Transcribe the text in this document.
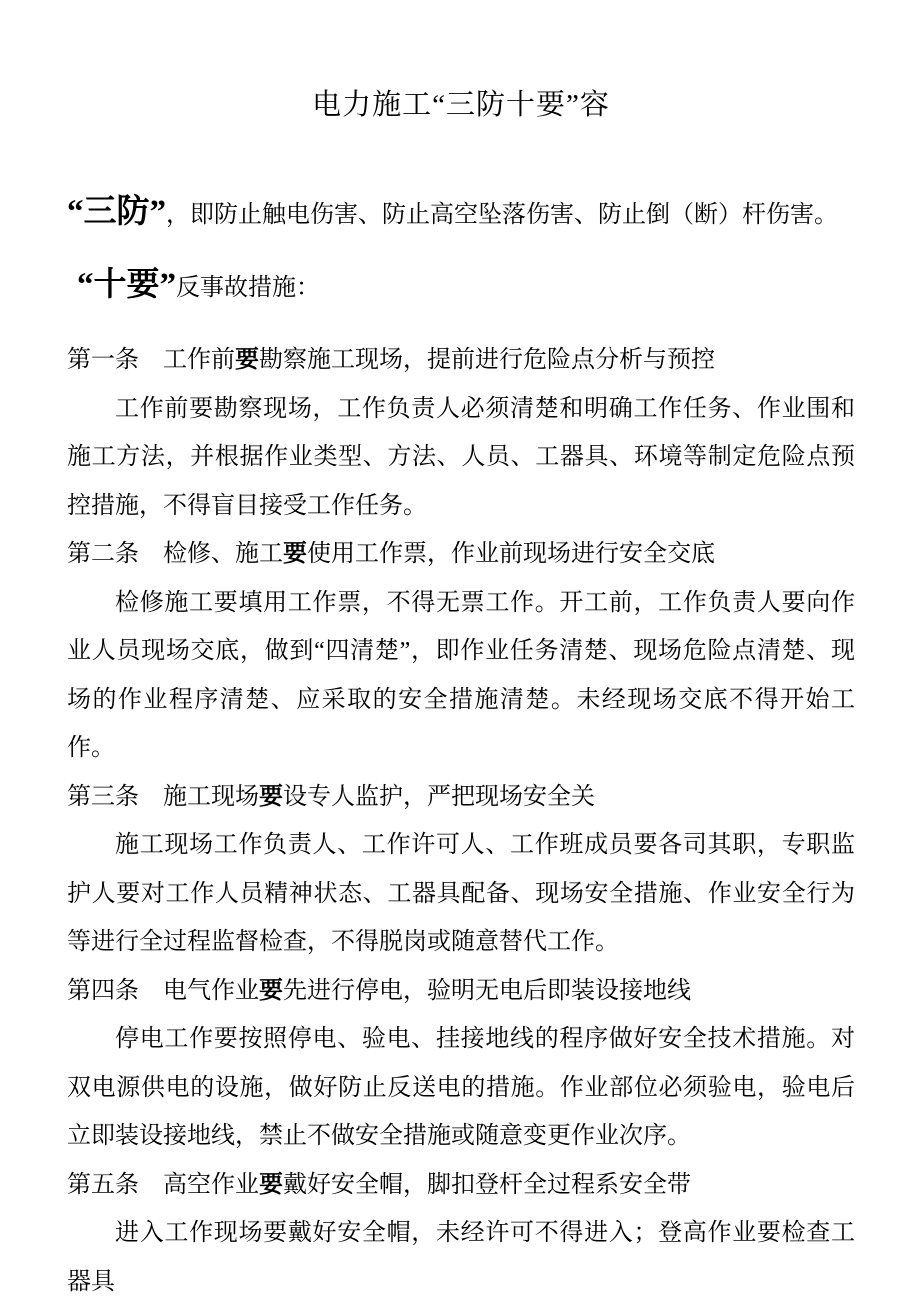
电力施工“三防十要”容

“三防”，即防止触电伤害、防止高空坠落伤害、防止倒（断）杆伤害。

“十要”反事故措施：

第一条　工作前要勘察施工现场，提前进行危险点分析与预控

工作前要勘察现场，工作负责人必须清楚和明确工作任务、作业围和施工方法，并根据作业类型、方法、人员、工器具、环境等制定危险点预控措施，不得盲目接受工作任务。

第二条　检修、施工要使用工作票，作业前现场进行安全交底

检修施工要填用工作票，不得无票工作。开工前，工作负责人要向作业人员现场交底，做到“四清楚”，即作业任务清楚、现场危险点清楚、现场的作业程序清楚、应采取的安全措施清楚。未经现场交底不得开始工作。

第三条　施工现场要设专人监护，严把现场安全关

施工现场工作负责人、工作许可人、工作班成员要各司其职，专职监护人要对工作人员精神状态、工器具配备、现场安全措施、作业安全行为等进行全过程监督检查，不得脱岗或随意替代工作。

第四条　电气作业要先进行停电，验明无电后即装设接地线

停电工作要按照停电、验电、挂接地线的程序做好安全技术措施。对双电源供电的设施，做好防止反送电的措施。作业部位必须验电，验电后立即装设接地线，禁止不做安全措施或随意变更作业次序。

第五条　高空作业要戴好安全帽，脚扣登杆全过程系安全带

进入工作现场要戴好安全帽，未经许可不得进入；登高作业要检查工器具
